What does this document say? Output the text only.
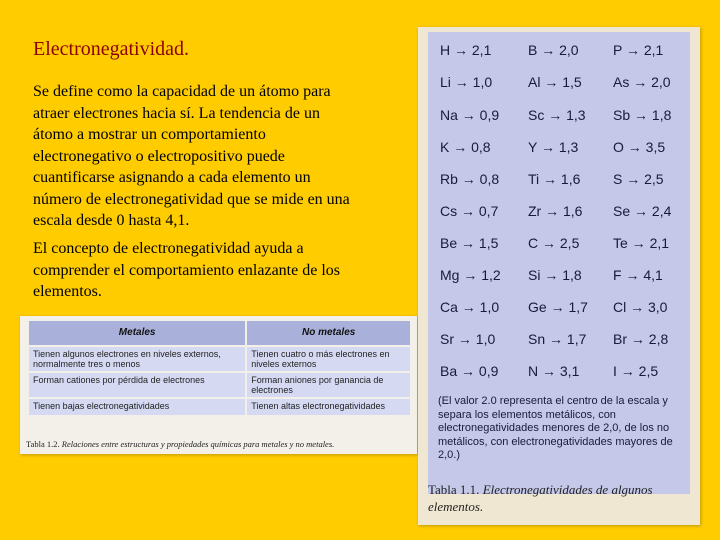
Electronegatividad.

Se define como la capacidad de un átomo para atraer electrones hacia sí. La tendencia de un átomo a mostrar un comportamiento electronegativo o electropositivo puede cuantificarse asignando a cada elemento un número de electronegatividad que se mide en una escala desde 0 hasta 4,1.

El concepto de electronegatividad ayuda a comprender el comportamiento enlazante de los elementos.

Metales	No metales
Tienen algunos electrones en niveles externos, normalmente tres o menos	Tienen cuatro o más electrones en niveles externos
Forman cationes por pérdida de electrones	Forman aniones por ganancia de electrones
Tienen bajas electronegatividades	Tienen altas electronegatividades
Tabla 1.2. Relaciones entre estructuras y propiedades químicas para metales y no metales.
H → 2,1	B → 2,0 P → 2,1
Li → 1,0	Al → 1,5 As → 2,0
Na → 0,9 Sc → 1,3 Sb → 1,8
K → 0,8	Y → 1,3 O → 3,5
Rb → 0,8 Ti → 1,6 S → 2,5
Cs → 0,7 Zr → 1,6 Se → 2,4
Be → 1,5 C → 2,5 Te → 2,1
Mg → 1,2 Si → 1,8 F → 4,1
Ca → 1,0 Ge → 1,7 Cl → 3,0
Sr → 1,0 Sn → 1,7 Br → 2,8
Ba → 0,9 N → 3,1 I → 2,5
(El valor 2.0 representa el centro de la escala y separa los elementos metálicos, con electronegatividades menores de 2,0, de los no metálicos, con electronegatividades mayores de 2,0.)
Tabla 1.1. Electronegatividades de algunos elementos.
